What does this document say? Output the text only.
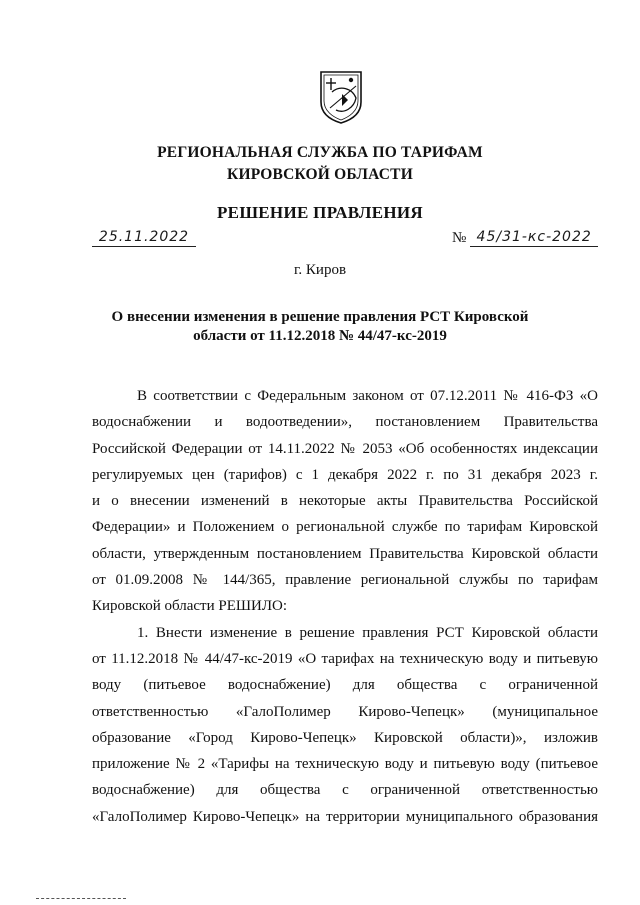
РЕГИОНАЛЬНАЯ СЛУЖБА ПО ТАРИФАМ
КИРОВСКОЙ ОБЛАСТИ
РЕШЕНИЕ ПРАВЛЕНИЯ
25.11.2022	№ 45/31-кс-2022
г. Киров
О внесении изменения в решение правления РСТ Кировской
области от 11.12.2018 № 44/47-кс-2019
В соответствии с Федеральным законом от 07.12.2011 № 416-ФЗ «О
водоснабжении и водоотведении», постановлением Правительства
Российской Федерации от 14.11.2022 № 2053 «Об особенностях индексации
регулируемых цен (тарифов) с 1 декабря 2022 г. по 31 декабря 2023 г.
и о внесении изменений в некоторые акты Правительства Российской
Федерации» и Положением о региональной службе по тарифам Кировской
области, утвержденным постановлением Правительства Кировской области
от 01.09.2008 № 144/365, правление региональной службы по тарифам
Кировской области РЕШИЛО:
1. Внести изменение в решение правления РСТ Кировской области
от 11.12.2018 № 44/47-кс-2019 «О тарифах на техническую воду и питьевую
воду (питьевое водоснабжение) для общества с ограниченной
ответственностью «ГалоПолимер Кирово-Чепецк» (муниципальное
образование «Город Кирово-Чепецк» Кировской области)», изложив
приложение № 2 «Тарифы на техническую воду и питьевую воду (питьевое
водоснабжение) для общества с ограниченной ответственностью
«ГалоПолимер Кирово-Чепецк» на территории муниципального образования
